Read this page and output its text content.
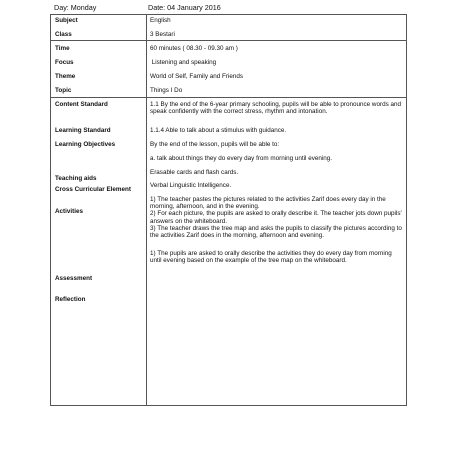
Day: Monday	Date: 04 January 2016
Subject
Class
Time
Focus
Theme
Topic
Content Standard
Learning Standard
Learning Objectives
Teaching aids
Cross Curricular Element
Activities
Assessment
Reflection
English
3 Bestari
60 minutes ( 08.30 - 09.30 am )
Listening and speaking
World of Self, Family and Friends
Things I Do
1.1 By the end of the 6-year primary schooling, pupils will be able to pronounce words and speak confidently with the correct stress, rhythm and intonation.
1.1.4 Able to talk about a stimulus with guidance.
By the end of the lesson, pupils will be able to:
a. talk about things they do every day from morning until evening.
Erasable cards and flash cards.
Verbal Linguistic Intelligence.

1) The teacher pastes the pictures related to the activities Zarif does every day in the morning, afternoon, and in the evening.

2) For each picture, the pupils are asked to orally describe it. The teacher jots down pupils' answers on the whiteboard.

3) The teacher draws the tree map and asks the pupils to classify the pictures according to the activities Zarif does in the morning, afternoon and evening.

1) The pupils are asked to orally describe the activities they do every day from morning until evening based on the example of the tree map on the whiteboard.
